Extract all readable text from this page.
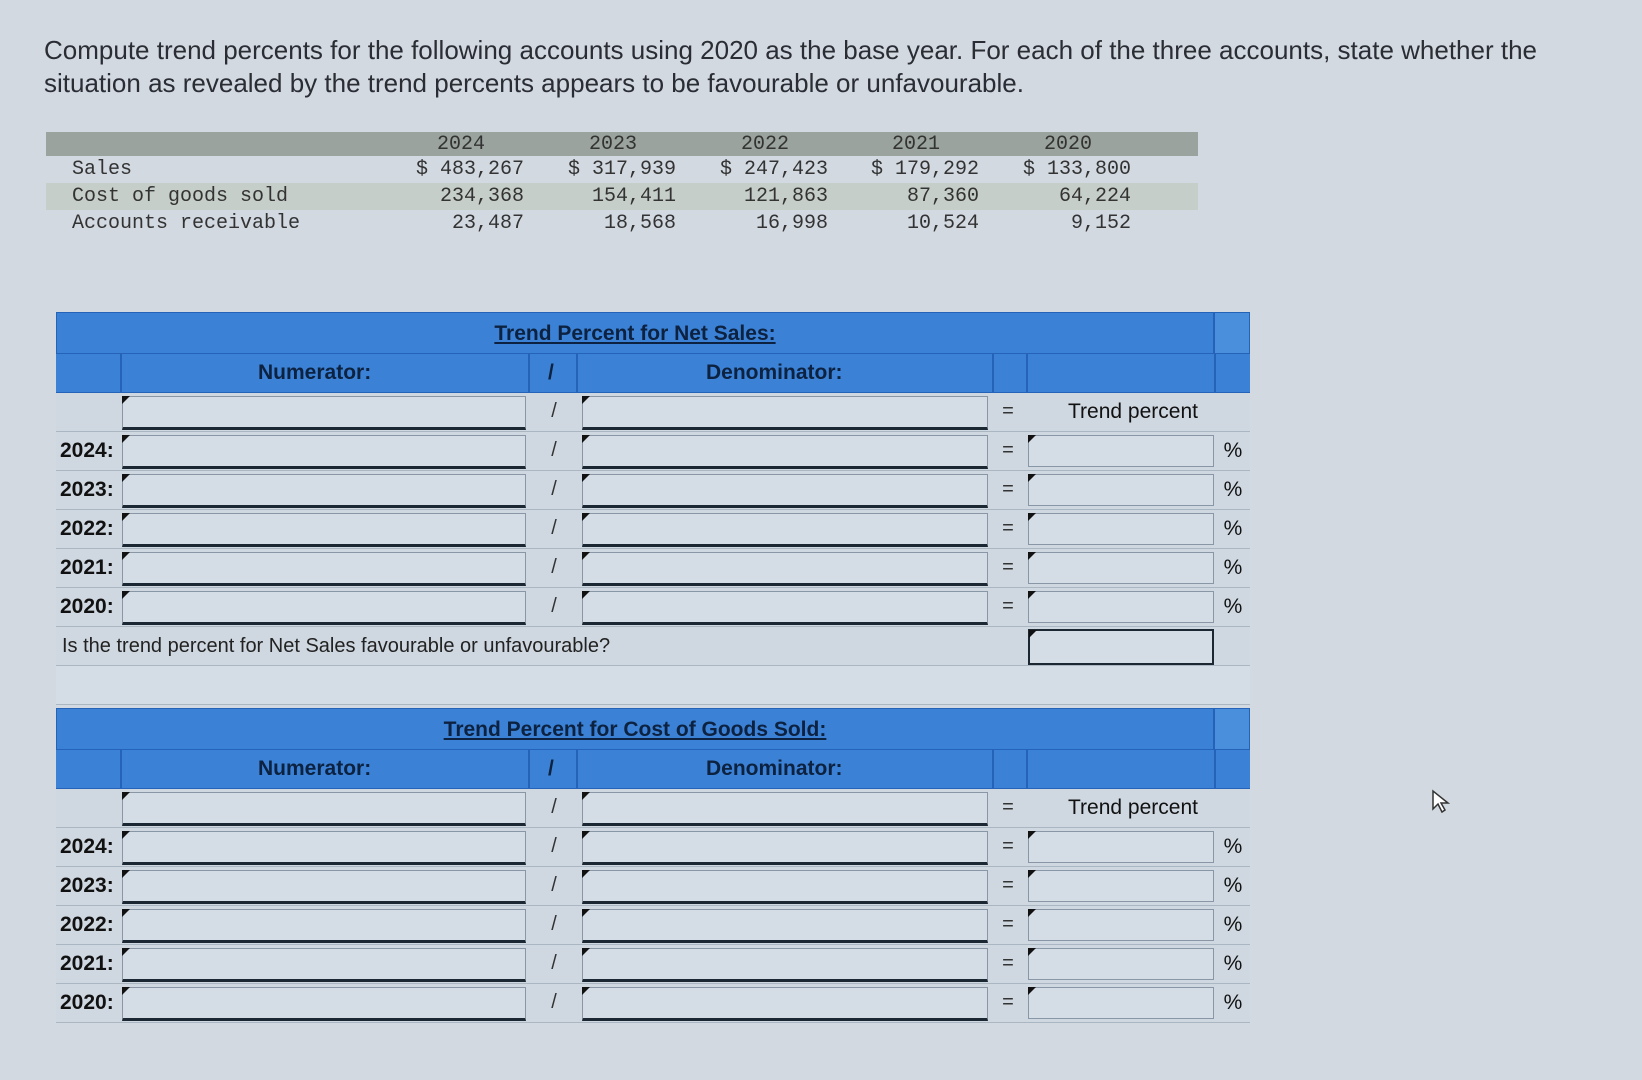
Compute trend percents for the following accounts using 2020 as the base year. For each of the three accounts, state whether the situation as revealed by the trend percents appears to be favourable or unfavourable.
2024	2023	2022	2021	2020
Sales	$ 483,267	$ 317,939	$ 247,423	$ 179,292	$ 133,800
Cost of goods sold	234,368	154,411	121,863	87,360	64,224
Accounts receivable	23,487	18,568	16,998	10,524	9,152
Trend Percent for Net Sales:
Numerator:	/	Denominator:
/	=	Trend percent
2024:	/	=	%
2023:	/	=	%
2022:	/	=	%
2021:	/	=	%
2020:	/	=	%
Is the trend percent for Net Sales favourable or unfavourable?
Trend Percent for Cost of Goods Sold:
Numerator:	/	Denominator:
/	=	Trend percent
2024:	/	=	%
2023:	/	=	%
2022:	/	=	%
2021:	/	=	%
2020:	/	=	%
